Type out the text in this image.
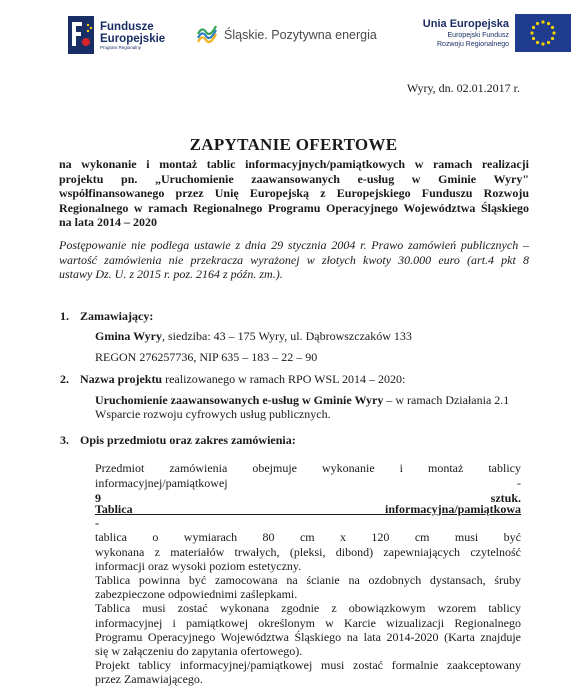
Fundusze
Europejskie
Program Regionalny
Śląskie. Pozytywna energia
Unia Europejska
Europejski Fundusz
Rozwoju Regionalnego
Wyry, dn. 02.01.2017 r.
ZAPYTANIE OFERTOWE
na wykonanie i montaż tablic informacyjnych/pamiątkowych w ramach realizacji
projektu pn. „Uruchomienie zaawansowanych e-usług w Gminie Wyry"
współfinansowanego przez Unię Europejską z Europejskiego Funduszu Rozwoju
Regionalnego w ramach Regionalnego Programu Operacyjnego Województwa Śląskiego
na lata 2014 – 2020
Postępowanie nie podlega ustawie z dnia 29 stycznia 2004 r. Prawo zamówień publicznych –
wartość zamówienia nie przekracza wyrażonej w złotych kwoty 30.000 euro (art.4 pkt 8
ustawy Dz. U. z 2015 r. poz. 2164 z późn. zm.).
1. Zamawiający:
Gmina Wyry, siedziba: 43 – 175 Wyry, ul. Dąbrowszczaków 133
REGON 276257736, NIP 635 – 183 – 22 – 90
2. Nazwa projektu realizowanego w ramach RPO WSL 2014 – 2020:
Uruchomienie zaawansowanych e-usług w Gminie Wyry – w ramach Działania 2.1
Wsparcie rozwoju cyfrowych usług publicznych.
3. Opis przedmiotu oraz zakres zamówienia:
Przedmiot zamówienia obejmuje wykonanie i montaż tablicy
informacyjnej/pamiątkowej -
9 sztuk.
Tablica informacyjna/pamiątkowa
-
tablica o wymiarach 80 cm x 120 cm musi być
wykonana z materiałów trwałych, (pleksi, dibond) zapewniających czytelność
informacji oraz wysoki poziom estetyczny.
Tablica powinna być zamocowana na ścianie na ozdobnych dystansach, śruby
zabezpieczone odpowiednimi zaślepkami.
Tablica musi zostać wykonana zgodnie z obowiązkowym wzorem tablicy
informacyjnej i pamiątkowej określonym w Karcie wizualizacji Regionalnego
Programu Operacyjnego Województwa Śląskiego na lata 2014-2020 (Karta znajduje
się w załączeniu do zapytania ofertowego).
Projekt tablicy informacyjnej/pamiątkowej musi zostać formalnie zaakceptowany
przez Zamawiającego.
